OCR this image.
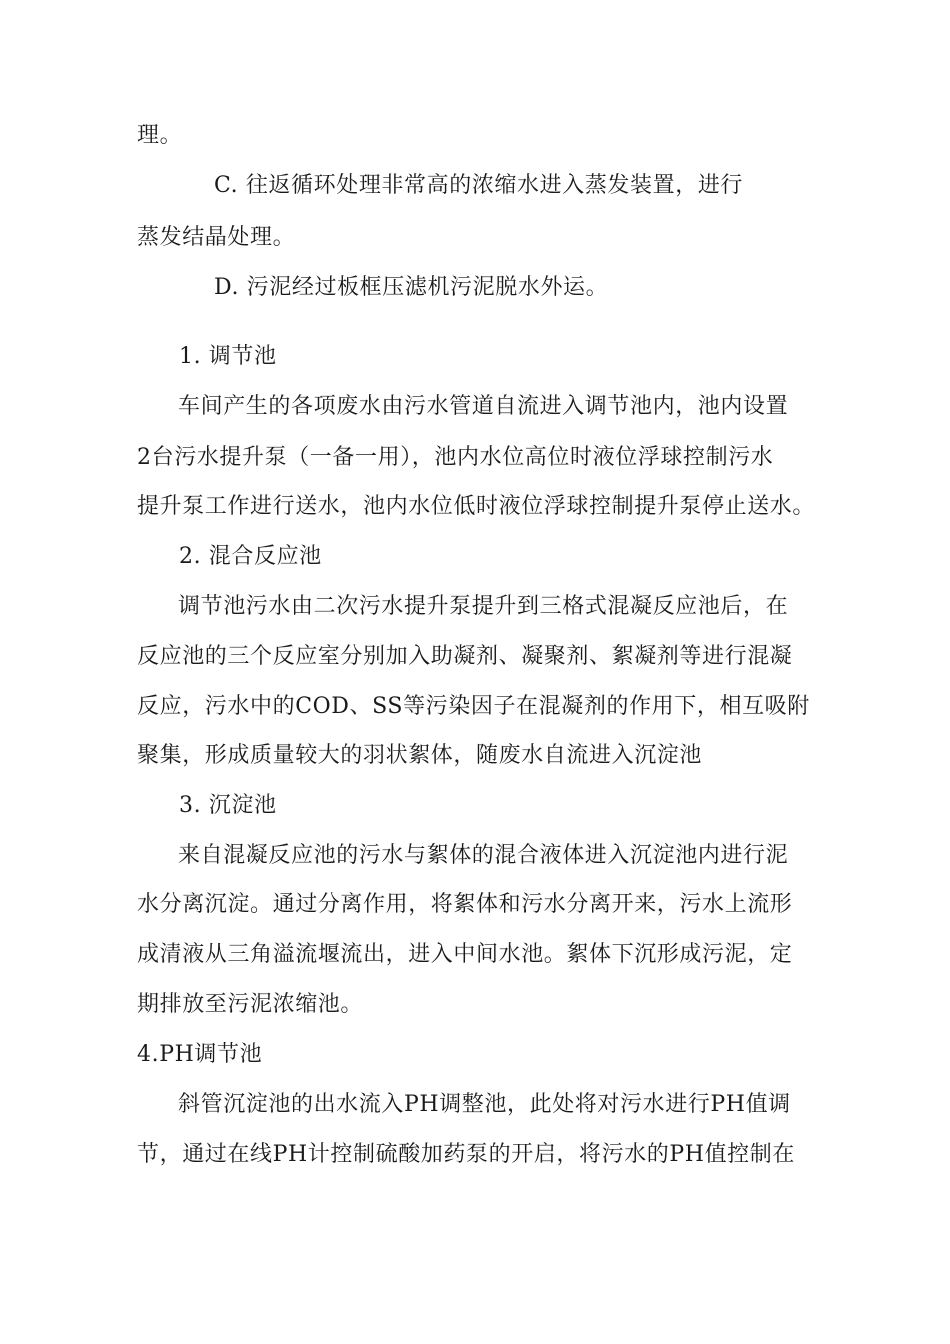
理。
C. 往返循环处理非常高的浓缩水进入蒸发装置，进行
蒸发结晶处理。
D. 污泥经过板框压滤机污泥脱水外运。
1. 调节池
车间产生的各项废水由污水管道自流进入调节池内，池内设置
2台污水提升泵（一备一用），池内水位高位时液位浮球控制污水
提升泵工作进行送水，池内水位低时液位浮球控制提升泵停止送水。
2. 混合反应池
调节池污水由二次污水提升泵提升到三格式混凝反应池后，在
反应池的三个反应室分别加入助凝剂、凝聚剂、絮凝剂等进行混凝
反应，污水中的COD、SS等污染因子在混凝剂的作用下，相互吸附
聚集，形成质量较大的羽状絮体，随废水自流进入沉淀池
3. 沉淀池
来自混凝反应池的污水与絮体的混合液体进入沉淀池内进行泥
水分离沉淀。通过分离作用，将絮体和污水分离开来，污水上流形
成清液从三角溢流堰流出，进入中间水池。絮体下沉形成污泥，定
期排放至污泥浓缩池。
4.PH调节池
斜管沉淀池的出水流入PH调整池，此处将对污水进行PH值调
节，通过在线PH计控制硫酸加药泵的开启，将污水的PH值控制在
